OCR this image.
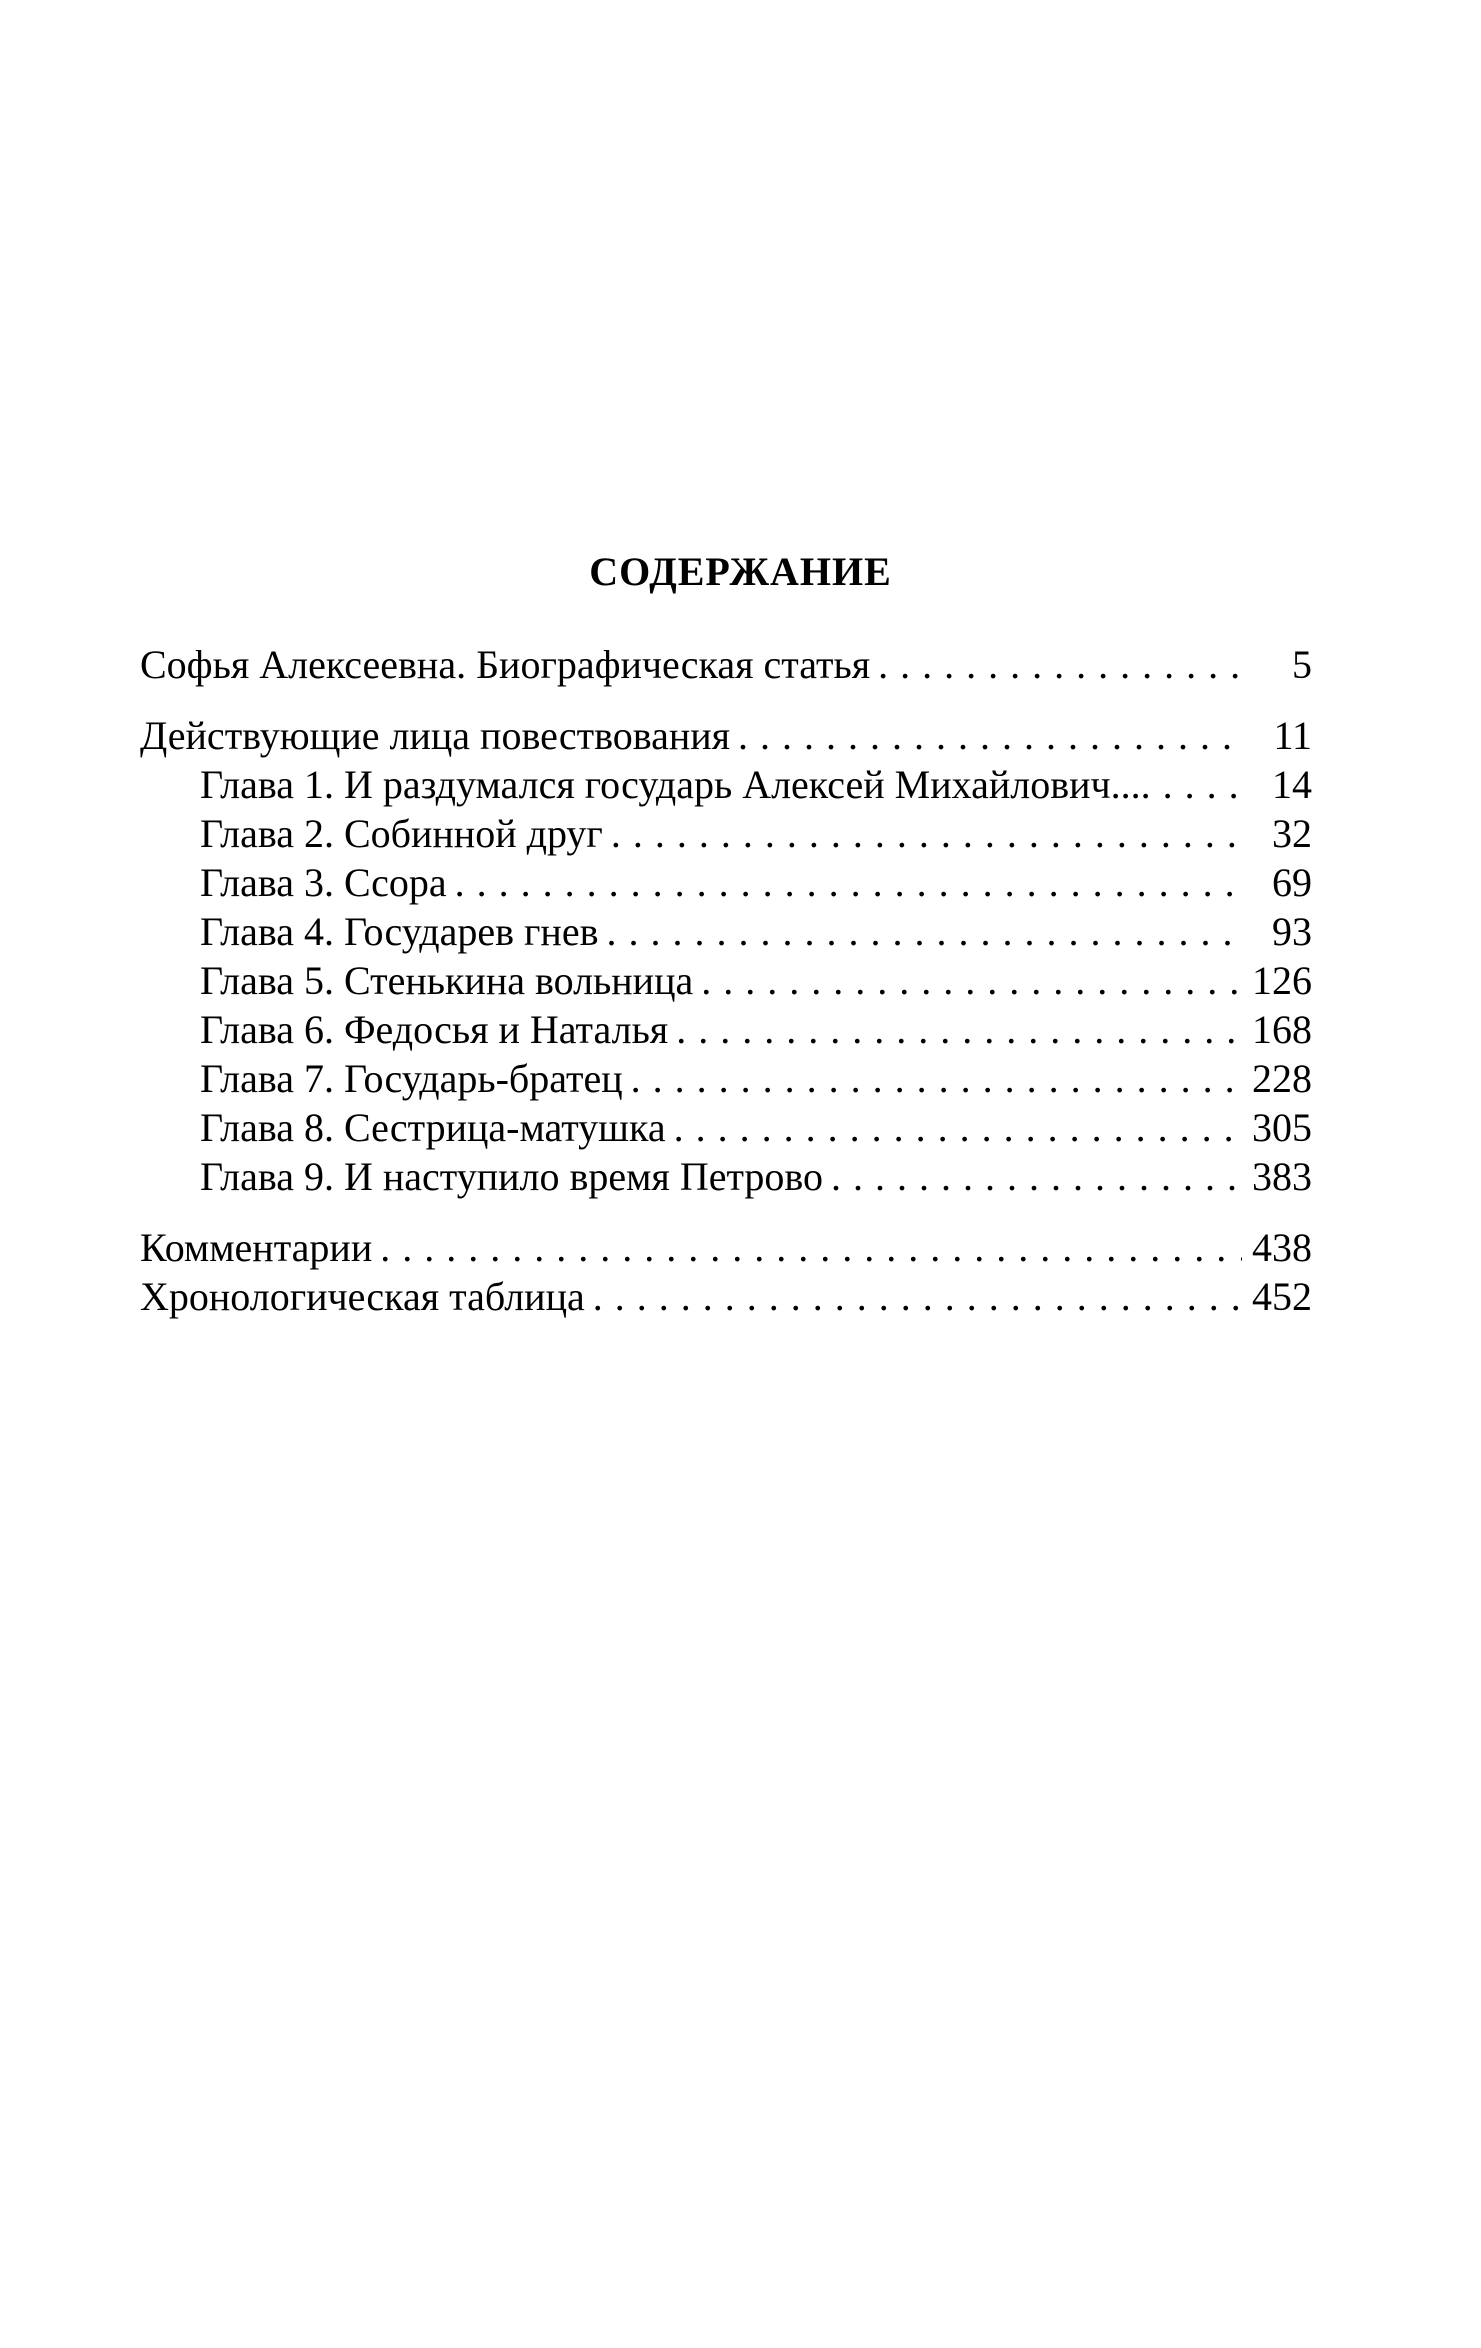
СОДЕРЖАНИЕ
Софья Алексеевна. Биографическая статья . . .	5
Действующие лица повествования . . .	11
Глава 1. И раздумался государь Алексей Михайлович... . . .	14
Глава 2. Собинной друг . . .	32
Глава 3. Ссора . . .	69
Глава 4. Государев гнев . . .	93
Глава 5. Стенькина вольница . . .	126
Глава 6. Федосья и Наталья . . .	168
Глава 7. Государь-братец . . .	228
Глава 8. Сестрица-матушка . . .	305
Глава 9. И наступило время Петрово . . .	383
Комментарии . . .	438
Хронологическая таблица . . .	452
